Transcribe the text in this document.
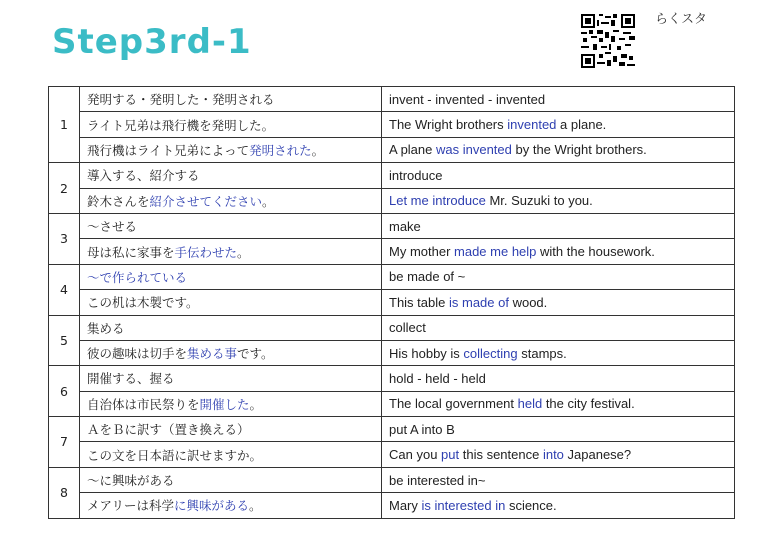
Step3rd-1
らくスタ
1	発明する・発明した・発明される	invent - invented - invented
	ライト兄弟は飛行機を発明した。	The Wright brothers invented a plane.
	飛行機はライト兄弟によって発明された。	A plane was invented by the Wright brothers.
2	導入する、紹介する	introduce
	鈴木さんを紹介させてください。	Let me introduce Mr. Suzuki to you.
3	～させる	make
	母は私に家事を手伝わせた。	My mother made me help with the housework.
4	～で作られている	be made of ~
	この机は木製です。	This table is made of wood.
5	集める	collect
	彼の趣味は切手を集める事です。	His hobby is collecting stamps.
6	開催する、握る	hold - held - held
	自治体は市民祭りを開催した。	The local government held the city festival.
7	ＡをＢに訳す（置き換える）	put A into B
	この文を日本語に訳せますか。	Can you put this sentence into Japanese?
8	～に興味がある	be interested in~
	メアリーは科学に興味がある。	Mary is interested in science.
